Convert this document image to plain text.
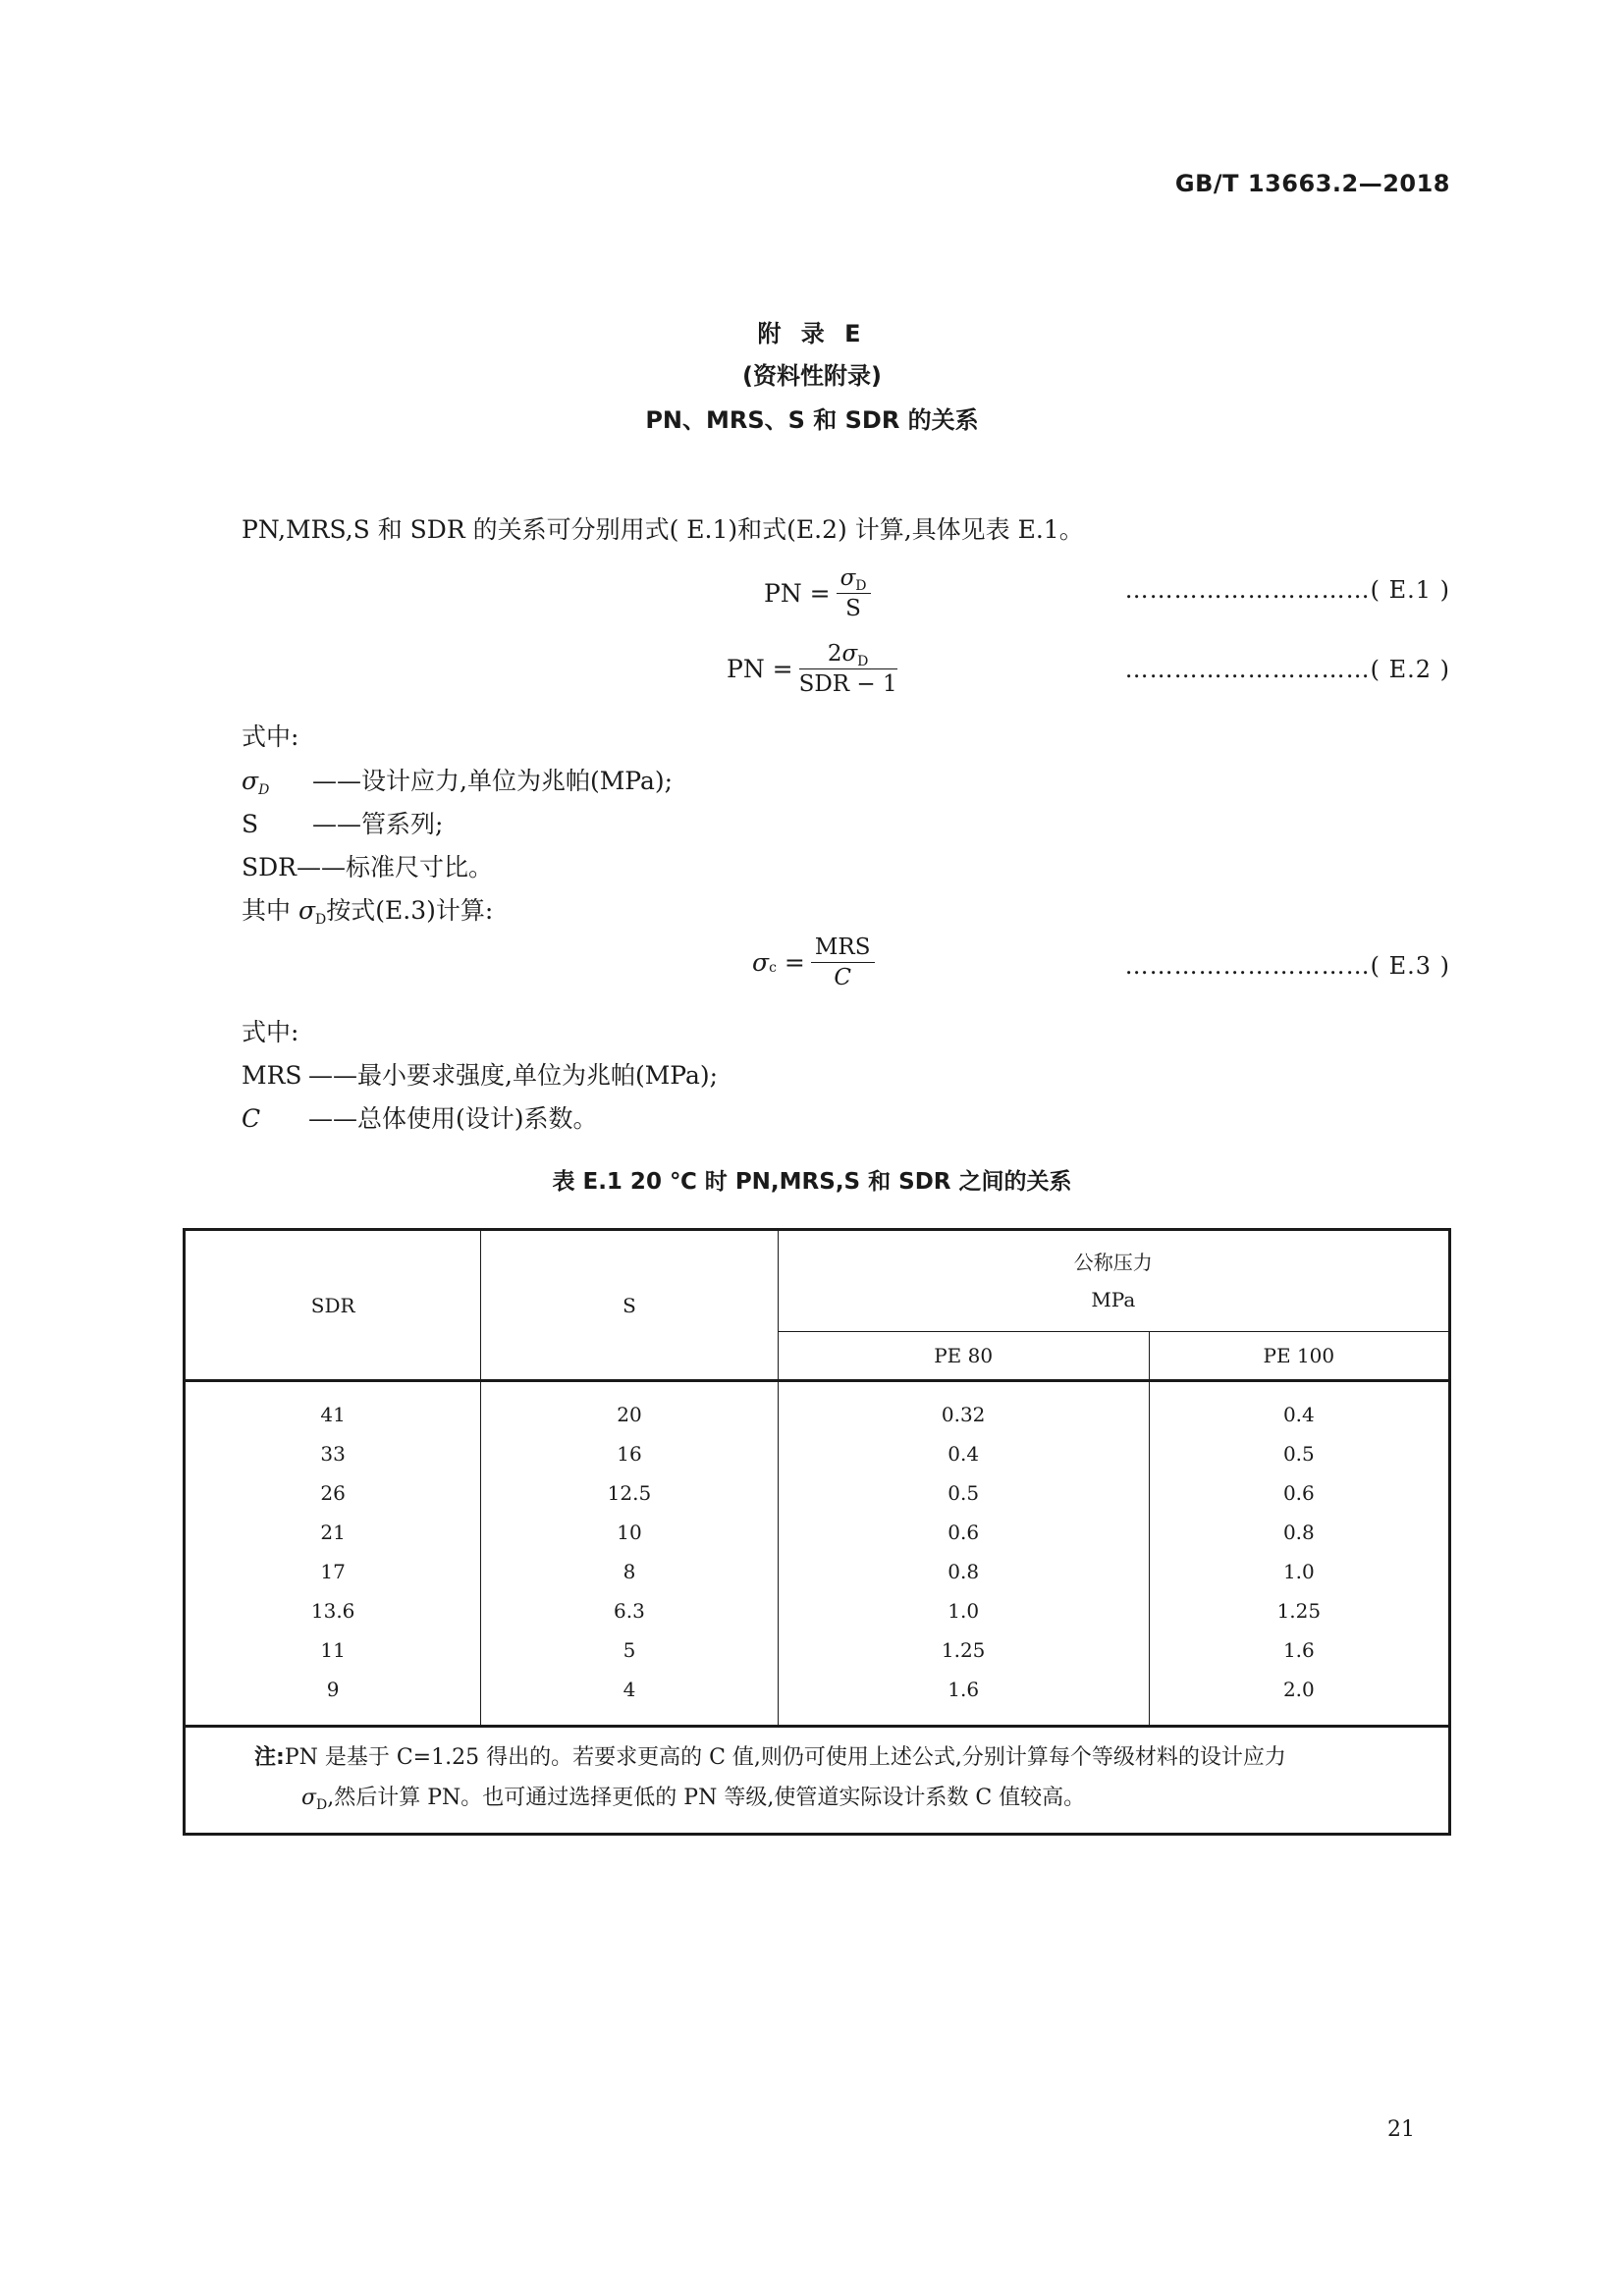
GB/T 13663.2—2018
附 录 E
(资料性附录)
PN、MRS、S 和 SDR 的关系
PN,MRS,S 和 SDR 的关系可分别用式( E.1)和式(E.2) 计算,具体见表 E.1。
PN = $\frac{\sigma_D}{S}$	…………………………( E.1 )
PN = $\frac{2\sigma_D}{\text{SDR − 1}}$	…………………………( E.2 )
式中:
$\sigma_D$ ——设计应力,单位为兆帕(MPa);
S ——管系列;
SDR——标准尺寸比。
其中 $\sigma_D$按式(E.3)计算:
σ $c = \frac{\text{MRS}}{C}$	…………………………( E.3 )
式中:
MRS ——最小要求强度,单位为兆帕(MPa);
C ——总体使用(设计)系数。
表 E.1 20 ℃ 时 PN,MRS,S 和 SDR 之间的关系
SDR	S	公称压力
MPa	

		PE 80	PE 100

41	20	0.32	0.4
33	16	0.4	0.5
26	12.5	0.5	0.6
21	10	0.6	0.8
17	8	0.8	1.0
13.6	6.3	1.0	1.25
11	5	1.25	1.6
9	4	1.6	2.0

注:PN 是基于 C=1.25 得出的。若要求更高的 C 值,则仍可使用上述公式,分别计算每个等级材料的设计应力
$\sigma_D$,然后计算 PN。也可通过选择更低的 PN 等级,使管道实际设计系数 C 值较高。			
21
